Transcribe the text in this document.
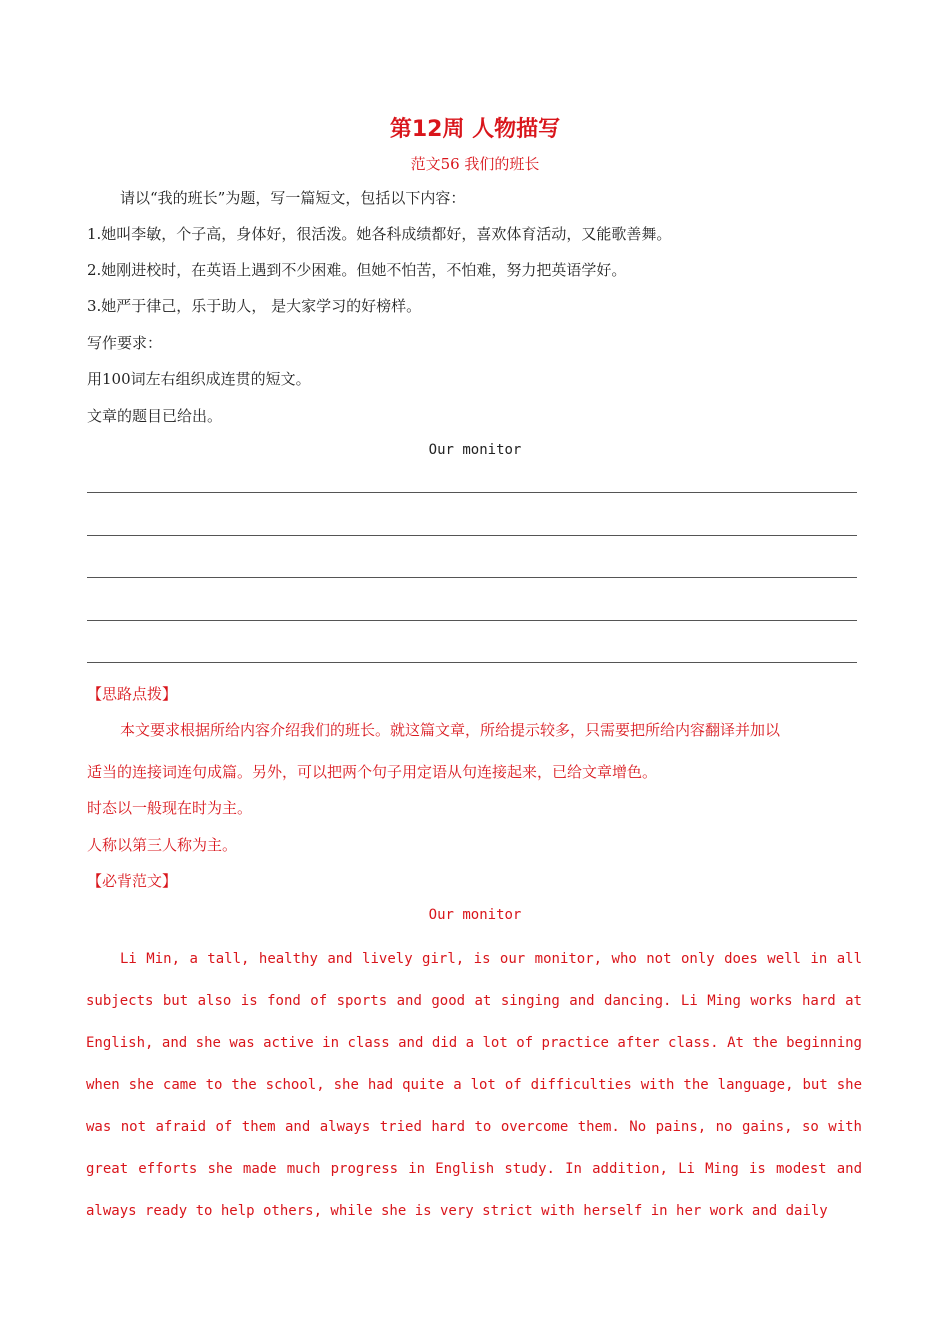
第12周 人物描写
范文56 我们的班长
请以“我的班长”为题，写一篇短文，包括以下内容：
1.她叫李敏，个子高，身体好，很活泼。她各科成绩都好，喜欢体育活动，又能歌善舞。
2.她刚进校时，在英语上遇到不少困难。但她不怕苦，不怕难，努力把英语学好。
3.她严于律己，乐于助人， 是大家学习的好榜样。
写作要求：
用100词左右组织成连贯的短文。
文章的题目已给出。
Our monitor
【思路点拨】
本文要求根据所给内容介绍我们的班长。就这篇文章，所给提示较多，只需要把所给内容翻译并加以
适当的连接词连句成篇。另外，可以把两个句子用定语从句连接起来，已给文章增色。
时态以一般现在时为主。
人称以第三人称为主。
【必背范文】
Our monitor
Li Min, a tall, healthy and lively girl, is our monitor, who not only does well in all subjects but also is fond of sports and good at singing and dancing. Li Ming works hard at English, and she was active in class and did a lot of practice after class. At the beginning when she came to the school, she had quite a lot of difficulties with the language, but she was not afraid of them and always tried hard to overcome them. No pains, no gains, so with great efforts she made much progress in English study. In addition, Li Ming is modest and always ready to help others, while she is very strict with herself in her work and daily
